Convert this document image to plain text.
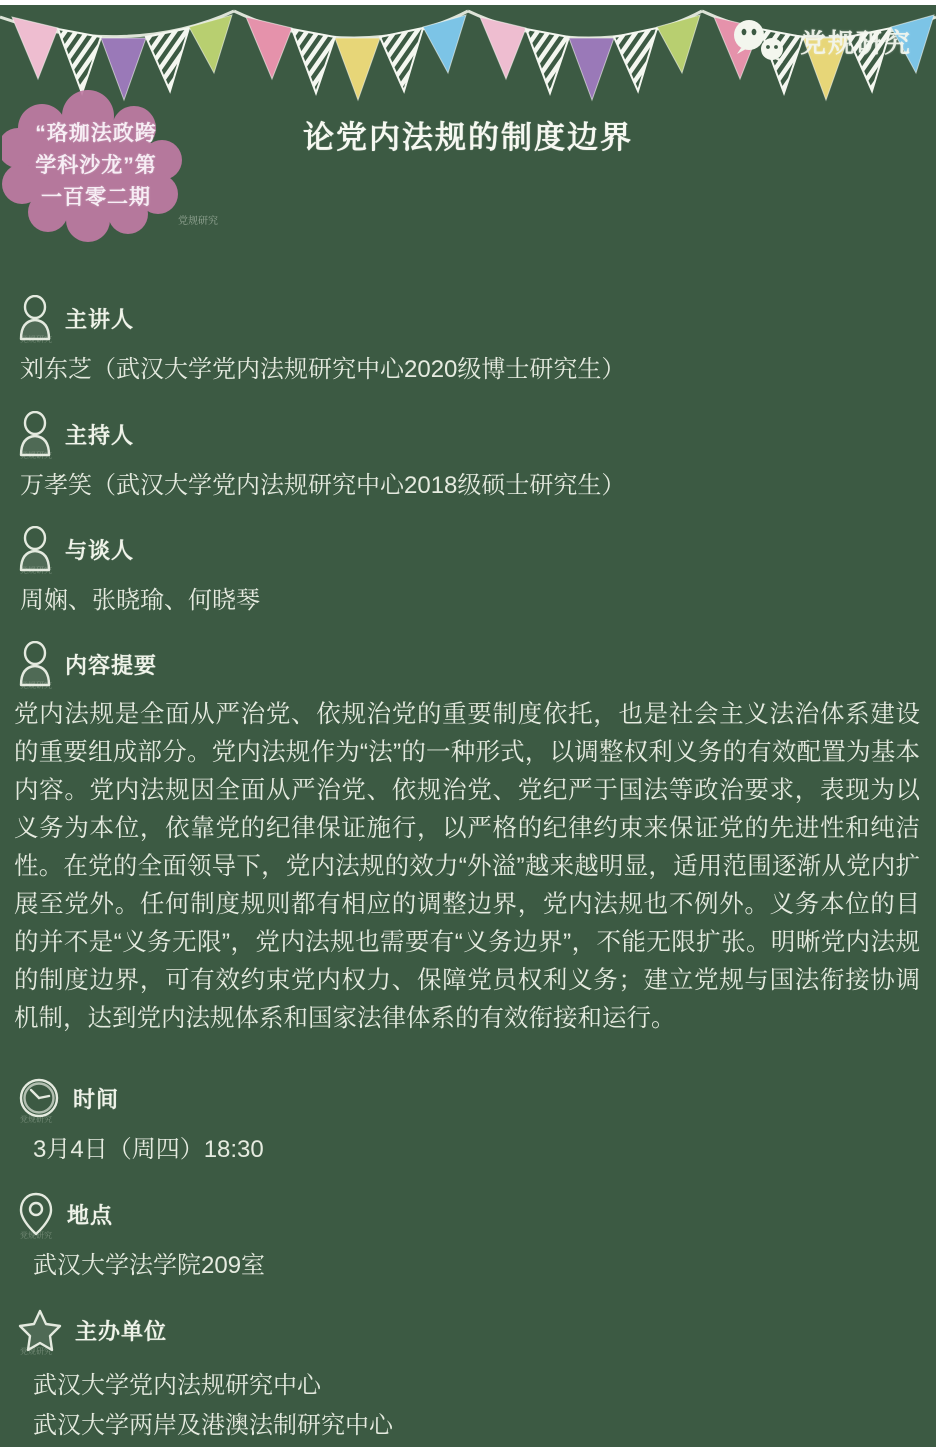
党规研究
“珞珈法政跨
学科沙龙”第
一百零二期
党规研究
论党内法规的制度边界
主讲人
党规研究
刘东芝（武汉大学党内法规研究中心2020级博士研究生）
主持人
党规研究
万孝笑（武汉大学党内法规研究中心2018级硕士研究生）
与谈人
党规研究
周娴、张晓瑜、何晓琴
内容提要
党规研究
党内法规是全面从严治党、依规治党的重要制度依托，也是社会主义法治体系建设的重要组成部分。党内法规作为“法”的一种形式，以调整权利义务的有效配置为基本内容。党内法规因全面从严治党、依规治党、党纪严于国法等政治要求，表现为以义务为本位，依靠党的纪律保证施行，以严格的纪律约束来保证党的先进性和纯洁性。在党的全面领导下，党内法规的效力“外溢”越来越明显，适用范围逐渐从党内扩展至党外。任何制度规则都有相应的调整边界，党内法规也不例外。义务本位的目的并不是“义务无限”，党内法规也需要有“义务边界”，不能无限扩张。明晰党内法规的制度边界，可有效约束党内权力、保障党员权利义务；建立党规与国法衔接协调机制，达到党内法规体系和国家法律体系的有效衔接和运行。
时间
党规研究
3月4日（周四）18:30
地点
党规研究
武汉大学法学院209室
主办单位
党规研究
武汉大学党内法规研究中心
武汉大学两岸及港澳法制研究中心
